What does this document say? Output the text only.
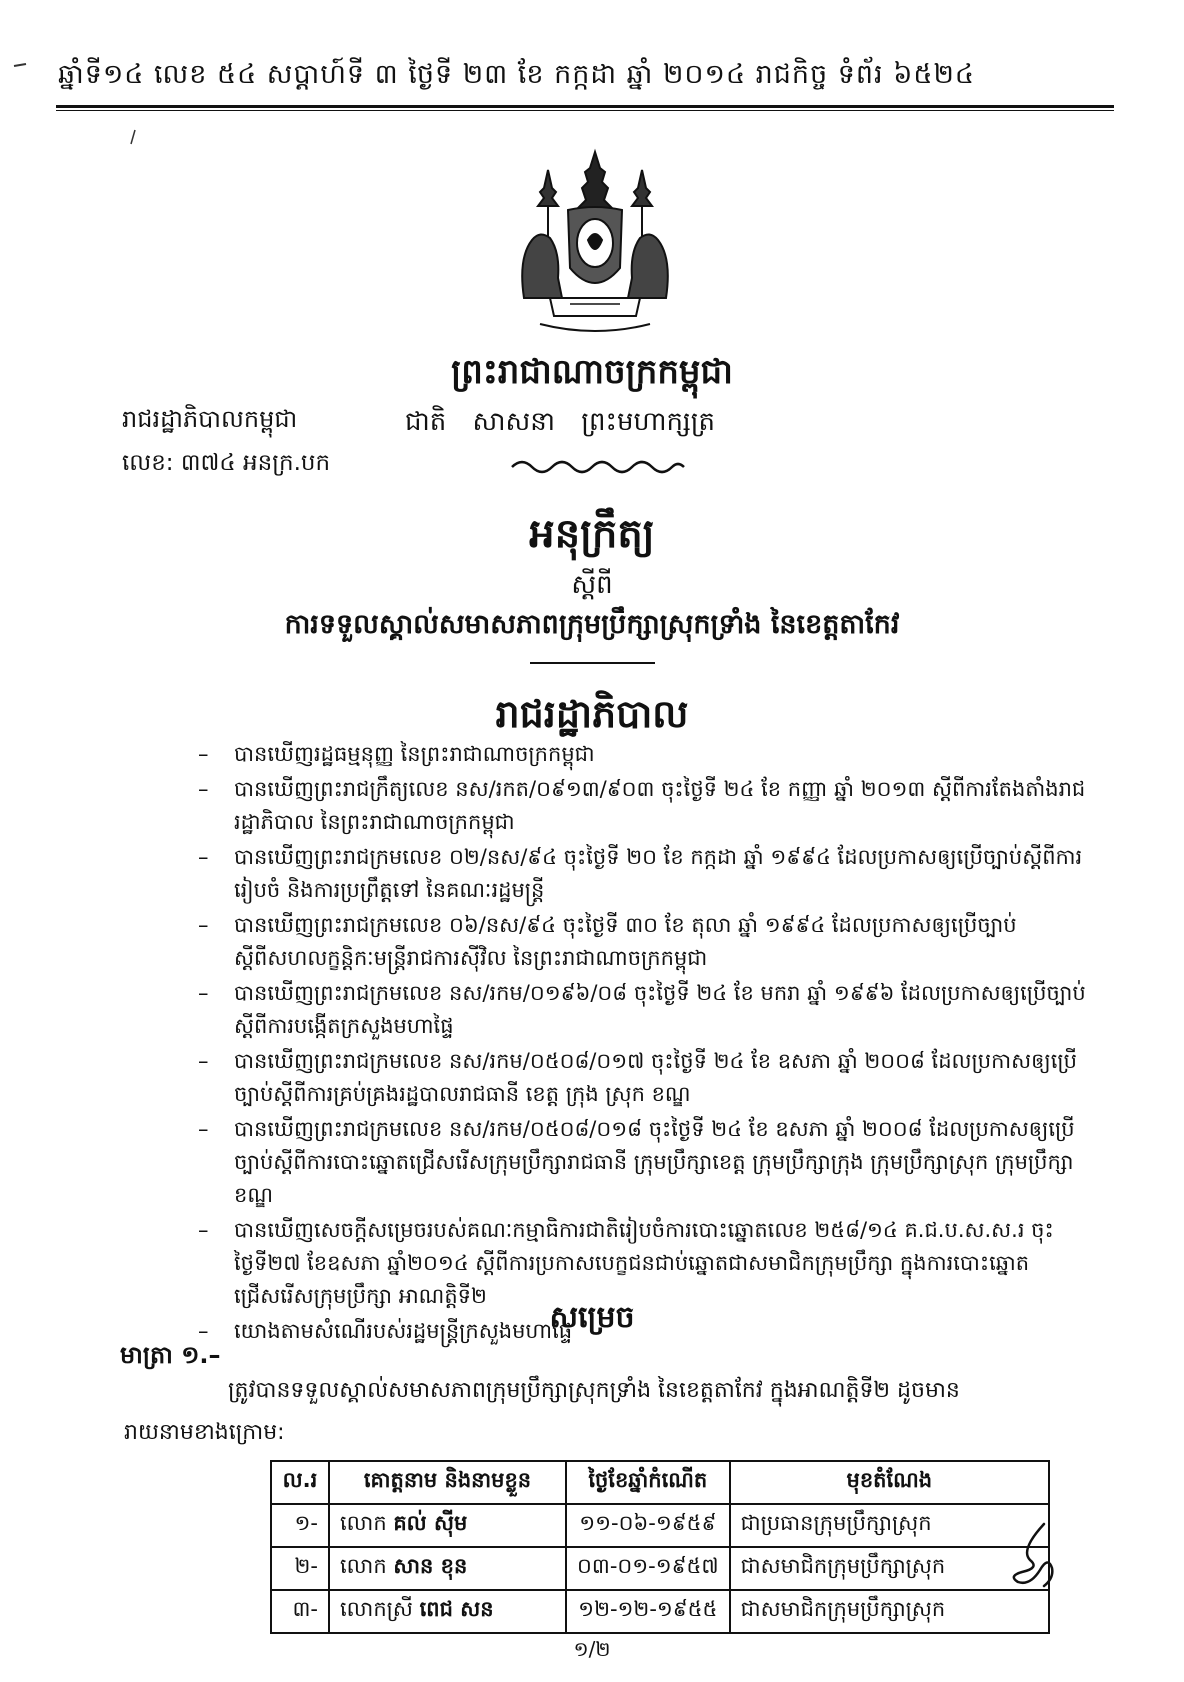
ឆ្នាំទី១៤ លេខ ៥៤ សប្តាហ៍ទី ៣ ថ្ងៃទី ២៣ ខែ កក្កដា ឆ្នាំ ២០១៤ រាជកិច្ច ទំព័រ ៦៥២៤
ព្រះរាជាណាចក្រកម្ពុជា
ជាតិ សាសនា ព្រះមហាក្សត្រ
រាជរដ្ឋាភិបាលកម្ពុជា
លេខ: ៣៧៤ អនក្រ.បក
អនុក្រឹត្យ
ស្តីពី
ការទទួលស្គាល់សមាសភាពក្រុមប្រឹក្សាស្រុកទ្រាំង នៃខេត្តតាកែវ
រាជរដ្ឋាភិបាល
– បានឃើញរដ្ឋធម្មនុញ្ញ នៃព្រះរាជាណាចក្រកម្ពុជា
– បានឃើញព្រះរាជក្រឹត្យលេខ នស/រកត/០៩១៣/៩០៣ ចុះថ្ងៃទី ២៤ ខែ កញ្ញា ឆ្នាំ ២០១៣ ស្តីពីការតែងតាំងរាជរដ្ឋាភិបាល នៃព្រះរាជាណាចក្រកម្ពុជា
– បានឃើញព្រះរាជក្រមលេខ ០២/នស/៩៤ ចុះថ្ងៃទី ២០ ខែ កក្កដា ឆ្នាំ ១៩៩៤ ដែលប្រកាសឲ្យប្រើច្បាប់ស្តីពីការរៀបចំ និងការប្រព្រឹត្តទៅ នៃគណៈរដ្ឋមន្ត្រី
– បានឃើញព្រះរាជក្រមលេខ ០៦/នស/៩៤ ចុះថ្ងៃទី ៣០ ខែ តុលា ឆ្នាំ ១៩៩៤ ដែលប្រកាសឲ្យប្រើច្បាប់ស្តីពីសហលក្ខន្តិកៈមន្ត្រីរាជការស៊ីវិល នៃព្រះរាជាណាចក្រកម្ពុជា
– បានឃើញព្រះរាជក្រមលេខ នស/រកម/០១៩៦/០៨ ចុះថ្ងៃទី ២៤ ខែ មករា ឆ្នាំ ១៩៩៦ ដែលប្រកាសឲ្យប្រើច្បាប់ស្តីពីការបង្កើតក្រសួងមហាផ្ទៃ
– បានឃើញព្រះរាជក្រមលេខ នស/រកម/០៥០៨/០១៧ ចុះថ្ងៃទី ២៤ ខែ ឧសភា ឆ្នាំ ២០០៨ ដែលប្រកាសឲ្យប្រើច្បាប់ស្តីពីការគ្រប់គ្រងរដ្ឋបាលរាជធានី ខេត្ត ក្រុង ស្រុក ខណ្ឌ
– បានឃើញព្រះរាជក្រមលេខ នស/រកម/០៥០៨/០១៨ ចុះថ្ងៃទី ២៤ ខែ ឧសភា ឆ្នាំ ២០០៨ ដែលប្រកាសឲ្យប្រើច្បាប់ស្តីពីការបោះឆ្នោតជ្រើសរើសក្រុមប្រឹក្សារាជធានី ក្រុមប្រឹក្សាខេត្ត ក្រុមប្រឹក្សាក្រុង ក្រុមប្រឹក្សាស្រុក ក្រុមប្រឹក្សាខណ្ឌ
– បានឃើញសេចក្តីសម្រេចរបស់គណៈកម្មាធិការជាតិរៀបចំការបោះឆ្នោតលេខ ២៥៨/១៤ គ.ជ.ប.ស.ស.រ ចុះថ្ងៃទី២៧ ខែឧសភា ឆ្នាំ២០១៤ ស្តីពីការប្រកាសបេក្ខជនជាប់ឆ្នោតជាសមាជិកក្រុមប្រឹក្សា ក្នុងការបោះឆ្នោតជ្រើសរើសក្រុមប្រឹក្សា អាណត្តិទី២
– យោងតាមសំណើរបស់រដ្ឋមន្ត្រីក្រសួងមហាផ្ទៃ
សម្រេច
មាត្រា ១.–
ត្រូវបានទទួលស្គាល់សមាសភាពក្រុមប្រឹក្សាស្រុកទ្រាំង នៃខេត្តតាកែវ ក្នុងអាណត្តិទី២ ដូចមាន
រាយនាមខាងក្រោម:
ល.រ	គោត្តនាម និងនាមខ្លួន	ថ្ងៃខែឆ្នាំកំណើត	មុខតំណែង
១-	លោក គល់ ស៊ីម	១១-០៦-១៩៥៩	ជាប្រធានក្រុមប្រឹក្សាស្រុក
២-	លោក សាន ខុន	០៣-០១-១៩៥៧	ជាសមាជិកក្រុមប្រឹក្សាស្រុក
៣-	លោកស្រី ពេជ សន	១២-១២-១៩៥៥	ជាសមាជិកក្រុមប្រឹក្សាស្រុក
១/២
